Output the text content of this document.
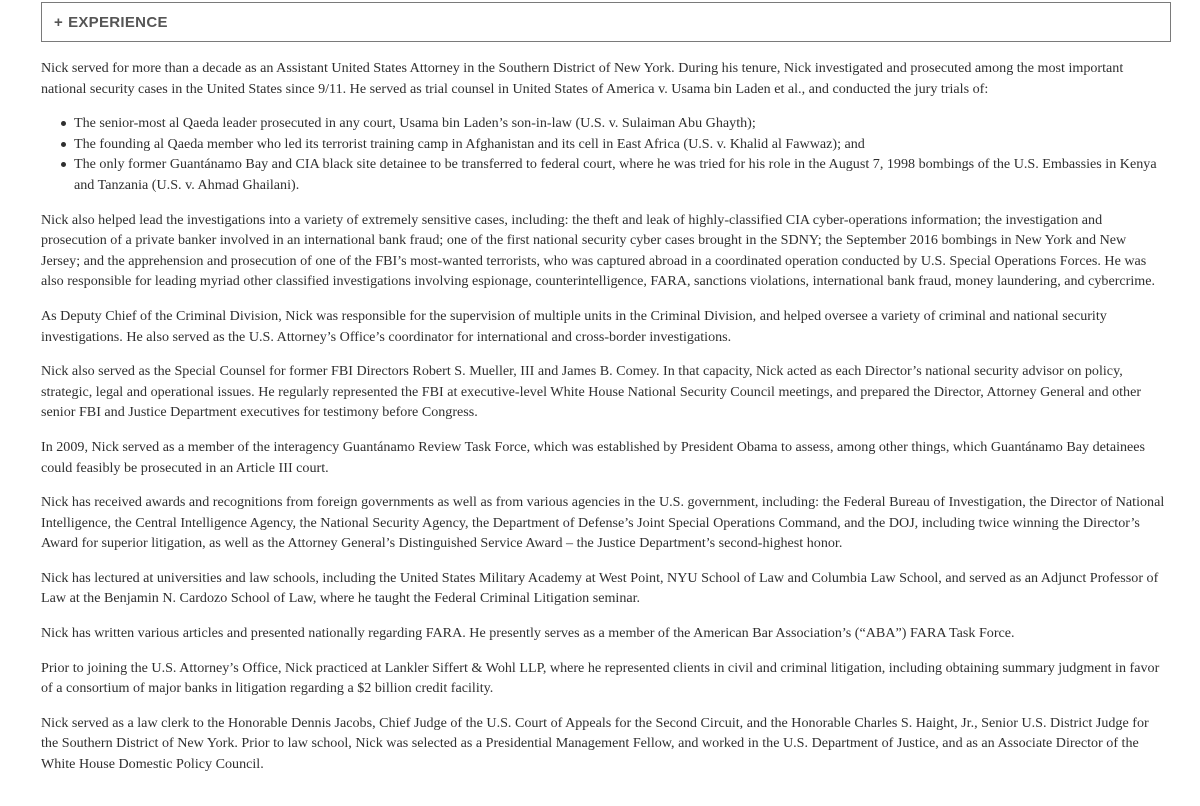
+ EXPERIENCE

Nick served for more than a decade as an Assistant United States Attorney in the Southern District of New York. During his tenure, Nick investigated and prosecuted among the most important national security cases in the United States since 9/11. He served as trial counsel in United States of America v. Usama bin Laden et al., and conducted the jury trials of:

The senior-most al Qaeda leader prosecuted in any court, Usama bin Laden’s son-in-law (U.S. v. Sulaiman Abu Ghayth);
The founding al Qaeda member who led its terrorist training camp in Afghanistan and its cell in East Africa (U.S. v. Khalid al Fawwaz); and
The only former Guantánamo Bay and CIA black site detainee to be transferred to federal court, where he was tried for his role in the August 7, 1998 bombings of the U.S. Embassies in Kenya and Tanzania (U.S. v. Ahmad Ghailani).

Nick also helped lead the investigations into a variety of extremely sensitive cases, including: the theft and leak of highly-classified CIA cyber-operations information; the investigation and prosecution of a private banker involved in an international bank fraud; one of the first national security cyber cases brought in the SDNY; the September 2016 bombings in New York and New Jersey; and the apprehension and prosecution of one of the FBI’s most-wanted terrorists, who was captured abroad in a coordinated operation conducted by U.S. Special Operations Forces. He was also responsible for leading myriad other classified investigations involving espionage, counterintelligence, FARA, sanctions violations, international bank fraud, money laundering, and cybercrime.

As Deputy Chief of the Criminal Division, Nick was responsible for the supervision of multiple units in the Criminal Division, and helped oversee a variety of criminal and national security investigations. He also served as the U.S. Attorney’s Office’s coordinator for international and cross-border investigations.

Nick also served as the Special Counsel for former FBI Directors Robert S. Mueller, III and James B. Comey. In that capacity, Nick acted as each Director’s national security advisor on policy, strategic, legal and operational issues. He regularly represented the FBI at executive-level White House National Security Council meetings, and prepared the Director, Attorney General and other senior FBI and Justice Department executives for testimony before Congress.

In 2009, Nick served as a member of the interagency Guantánamo Review Task Force, which was established by President Obama to assess, among other things, which Guantánamo Bay detainees could feasibly be prosecuted in an Article III court.

Nick has received awards and recognitions from foreign governments as well as from various agencies in the U.S. government, including: the Federal Bureau of Investigation, the Director of National Intelligence, the Central Intelligence Agency, the National Security Agency, the Department of Defense’s Joint Special Operations Command, and the DOJ, including twice winning the Director’s Award for superior litigation, as well as the Attorney General’s Distinguished Service Award – the Justice Department’s second-highest honor.

Nick has lectured at universities and law schools, including the United States Military Academy at West Point, NYU School of Law and Columbia Law School, and served as an Adjunct Professor of Law at the Benjamin N. Cardozo School of Law, where he taught the Federal Criminal Litigation seminar.

Nick has written various articles and presented nationally regarding FARA. He presently serves as a member of the American Bar Association’s (“ABA”) FARA Task Force.

Prior to joining the U.S. Attorney’s Office, Nick practiced at Lankler Siffert & Wohl LLP, where he represented clients in civil and criminal litigation, including obtaining summary judgment in favor of a consortium of major banks in litigation regarding a $2 billion credit facility.

Nick served as a law clerk to the Honorable Dennis Jacobs, Chief Judge of the U.S. Court of Appeals for the Second Circuit, and the Honorable Charles S. Haight, Jr., Senior U.S. District Judge for the Southern District of New York. Prior to law school, Nick was selected as a Presidential Management Fellow, and worked in the U.S. Department of Justice, and as an Associate Director of the White House Domestic Policy Council.
